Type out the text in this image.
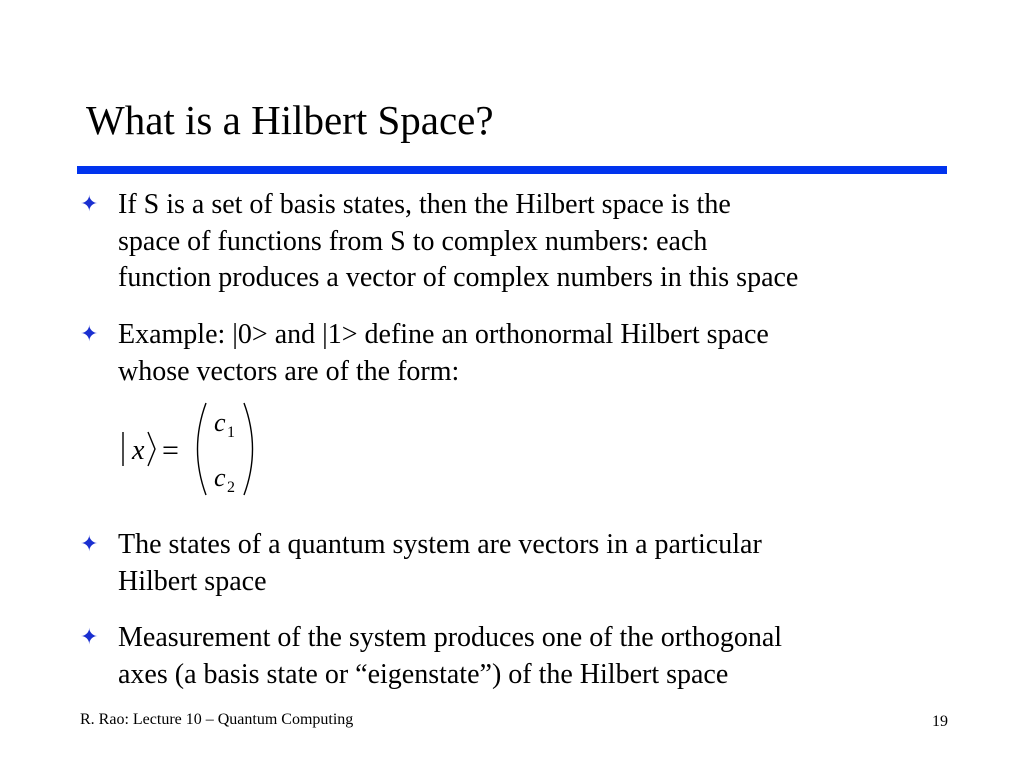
What is a Hilbert Space?
✦ If S is a set of basis states, then the Hilbert space is the
space of functions from S to complex numbers: each
function produces a vector of complex numbers in this space
✦ Example: |0> and |1> define an orthonormal Hilbert space
whose vectors are of the form:
x =
c 1
c 2
✦ The states of a quantum system are vectors in a particular
Hilbert space
✦ Measurement of the system produces one of the orthogonal
axes (a basis state or “eigenstate”) of the Hilbert space
R. Rao: Lecture 10 – Quantum Computing	19
